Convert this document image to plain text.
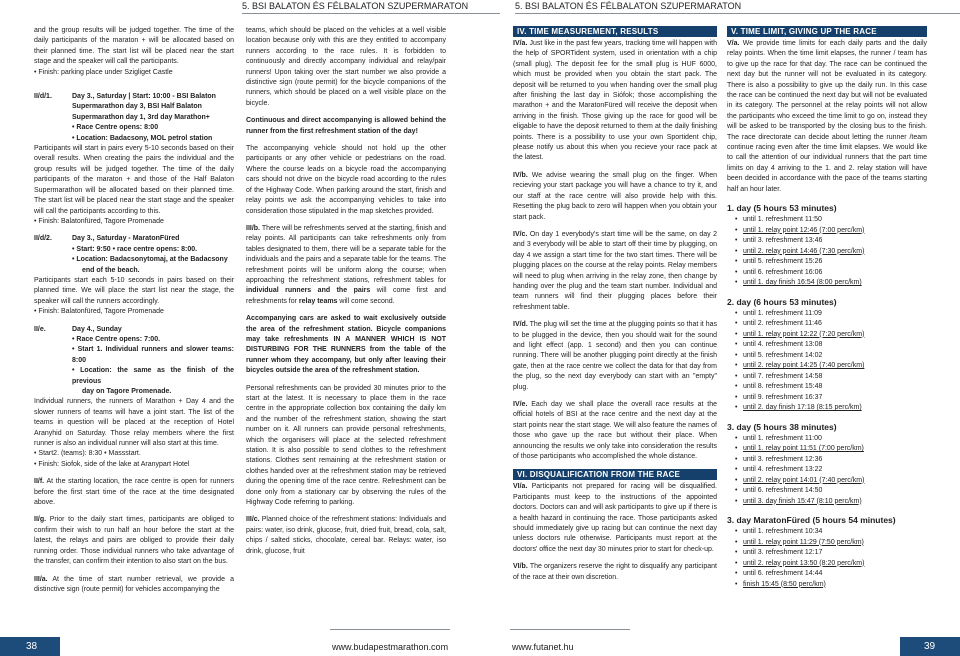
5. BSI BALATON ÉS FÉLBALATON SZUPERMARATON	5. BSI BALATON ÉS FÉLBALATON SZUPERMARATON

and the group results will be judged together. The time of the daily participants of the maraton + will be allocated based on their planned time. The start list will be placed near the start stage and the speaker will call the participants.

• Finish: parking place under Szigliget Castle

II/d/1.	Day 3., Saturday | Start: 10:00 - BSI Balaton
Supermarathon day 3, BSI Half Balaton
Supermarathon day 1, 3rd day Marathon+
• Race Centre opens: 8:00
• Location: Badacsony, MOL petrol station

Participants will start in pairs every 5-10 seconds based on their overall results. When creating the pairs the individual and the group results will be judged together. The time of the daily participants of the maraton + and those of the Half Balaton Supermarathon will be allocated based on their planned time. The start list will be placed near the start stage and the speaker will call the participants according to this.

• Finish: Balatonfüred, Tagore Promenade

II/d/2.	Day 3., Saturday - MaratonFüred
• Start: 9:50 • race centre opens: 8:00.
• Location: Badacsonytomaj, at the Badacsony
end of the beach.

Participants start each 5-10 seconds in pairs based on their planned time. We will place the start list near the stage, the speaker will call the runners accordingly.

• Finish: Balatonfüred, Tagore Promenade

II/e.	Day 4., Sunday
• Race Centre opens: 7:00.
• Start 1. Individual runners and slower teams: 8:00
• Location: the same as the finish of the previous
day on Tagore Promenade.

Individual runners, the runners of Marathon + Day 4 and the slower runners of teams will have a joint start. The list of the teams in question will be placed at the reception of Hotel Aranyhid on Saturday. Those relay members where the first runner is also an individual runner will also start at this time.

• Start2. (teams): 8:30 • Massstart.

• Finish: Siofok, side of the lake at Aranypart Hotel

II/f. At the starting location, the race centre is open for runners before the first start time of the race at the time designated above.

II/g. Prior to the daily start times, participants are obliged to confirm their wish to run half an hour before the start at the latest, the relays and pairs are obliged to provide their daily running order. Those individual runners who take advantage of the transfer, can confirm their intention to also start on the bus.

III/a. At the time of start number retrieval, we provide a distinctive sign (route permit) for vehicles accompanying the

teams, which should be placed on the vehicles at a well visible location because only with this are they entitled to accompany runners according to the race rules. It is forbidden to continuously and directly accompany individual and relay/pair runners! Upon taking over the start number we also provide a distinctive sign (route permit) for the bicycle companions of the runners, which should be placed on a well visible place on the bicycle.

Continuous and direct accompanying is allowed behind the runner from the first refreshment station of the day!

The accompanying vehicle should not hold up the other participants or any other vehicle or pedestrians on the road. Where the course leads on a bicycle road the accompanying cars should not drive on the bicycle road according to the rules of the Highway Code. When parking around the start, finish and relay points we ask the accompanying vehicles to take into consideration those stipulated in the map sketches provided.

III/b. There will be refreshments served at the starting, finish and relay points. All participants can take refreshments only from tables designated to them, there will be a separate table for the individuals and the pairs and a separate table for the teams. The refreshment points will be uniform along the course; when approaching the refreshment stations, refreshment tables for individual runners and the pairs will come first and refreshments for relay teams will come second.

Accompanying cars are asked to wait exclusively outside the area of the refreshment station. Bicycle companions may take refreshments IN A MANNER WHICH IS NOT DISTURBING FOR THE RUNNERS from the table of the runner whom they accompany, but only after leaving their bicycles outside the area of the refreshment station.

Personal refreshments can be provided 30 minutes prior to the start at the latest. It is necessary to place them in the race centre in the appropriate collection box containing the daily km and the number of the refreshment station, showing the start number on it. All runners can provide personal refreshments, which the organisers will place at the selected refreshment station. It is also possible to send clothes to the refreshment stations. Clothes sent remaining at the refreshment station or clothes handed over at the refreshment station may be retrieved during the opening time of the race centre. Refreshment can be done only from a stationary car by observing the rules of the Highway Code referring to parking.

III/c. Planned choice of the refreshment stations: Individuals and pairs: water, iso drink, glucose, fruit, dried fruit, bread, cola, salt, chips / salted sticks, chocolate, cereal bar. Relays: water, iso drink, glucose, fruit

IV. TIME MEASUREMENT, RESULTS

IV/a. Just like in the past few years, tracking time will happen with the help of SPORTident system, used in orientation with a chip (small plug). The deposit fee for the small plug is HUF 6000, which must be provided when you obtain the start pack. The deposit will be returned to you when handing over the small plug after finishing the last day in Siófok; those accomplishing the marathon + and the MaratonFüred will receive the deposit when arriving in the finish. Those giving up the race for good will be eligable to have the deposit returned to them at the daily finishing points. There is a possibility to use your own Sportident chip, please notify us about this when you recieve your race pack at the latest.

IV/b. We advise wearing the small plug on the finger. When recieving your start package you will have a chance to try it, and our staff at the race centre will also provide help with this. Resetting the plug back to zero will happen when you obtain your start pack.

IV/c. On day 1 everybody's start time will be the same, on day 2 and 3 everybody will be able to start off their time by plugging, on day 4 we assign a start time for the two start times. There will be plugging places on the course at the relay points. Relay members will need to plug when arriving in the relay zone, then change by handing over the plug and the team start number. Individual and team runners will find their plugging places before their refreshment table.

IV/d. The plug will set the time at the plugging points so that it has to be plugged in the device, then you should wait for the sound and light effect (app. 1 second) and then you can continue running. There will be another plugging point directly at the finish gate, then at the race centre we collect the data for that day from the plug, so the next day everybody can start with an "empty" plug.

IV/e. Each day we shall place the overall race results at the official hotels of BSI at the race centre and the next day at the start points near the start stage. We will also feature the names of those who gave up the race but without their place. When announcing the results we only take into consideration the results of those participants who accomplished the whole distance.

VI. DISQUALIFICATION FROM THE RACE

VI/a. Participants not prepared for racing will be disqualified. Participants must keep to the instructions of the appointed doctors. Doctors can and will ask participants to give up if there is a health hazard in continuing the race. Those participants asked should immediately give up racing but can continue the next day unless doctors rule otherwise. Participants must report at the doctors' office the next day 30 minutes prior to start for check-up.

VI/b. The organizers reserve the right to disqualify any participant of the race at their own discretion.

V. TIME LIMIT, GIVING UP THE RACE

V/a. We provide time limits for each daily parts and the daily relay points. When the time limit elapses, the runner / team has to give up the race for that day. The race can be continued the next day but the runner will not be evaluated in its category. There is also a possibility to give up the daily run. In this case the race can be continued the next day but will not be evaluated in its category. The personnel at the relay points will not allow the participants who exceed the time limit to go on, instead they will be asked to be transported by the closing bus to the finish. The race directorate can decide about letting the runner /team continue racing even after the time limit elapses. We would like to call the attention of our individual runners that the part time limits on day 4 arriving to the 1. and 2. relay station will have been decided in accordance with the pace of the teams starting half an hour later.

1. day (5 hours 53 minutes)
• until 1. refreshment 11:50
• until 1. relay point 12:46 (7:00 perc/km)
• until 3. refreshment 13:46
• until 2. relay point 14:46 (7:30 perc/km)
• until 5. refreshment 15:26
• until 6. refreshment 16:06
• until 1. day finish 16:54 (8:00 perc/km)
2. day (6 hours 53 minutes)
• until 1. refreshment 11:09
• until 2. refreshment 11:46
• until 1. relay point 12:22 (7:20 perc/km)
• until 4. refreshment 13:08
• until 5. refreshment 14:02
• until 2. relay point 14:25 (7:40 perc/km)
• until 7. refreshment 14:58
• until 8. refreshment 15:48
• until 9. refreshment 16:37
• until 2. day finish 17:18 (8:15 perc/km)
3. day (5 hours 38 minutes)
• until 1. refreshment 11:00
• until 1. relay point 11:51 (7:00 perc/km)
• until 3. refreshment 12:36
• until 4. refreshment 13:22
• until 2. relay point 14:01 (7:40 perc/km)
• until 6. refreshment 14:50
• until 3. day finish 15:47 (8:10 perc/km)
3. day MaratonFüred (5 hours 54 minutes)
• until 1. refreshment 10:34
• until 1. relay point 11:29 (7:50 perc/km)
• until 3. refreshment 12:17
• until 2. relay point 13:50 (8:20 perc/km)
• until 6. refreshment 14:44
• finish 15:45 (8:50 perc/km)
38	www.budapestmarathon.com	www.futanet.hu	39
